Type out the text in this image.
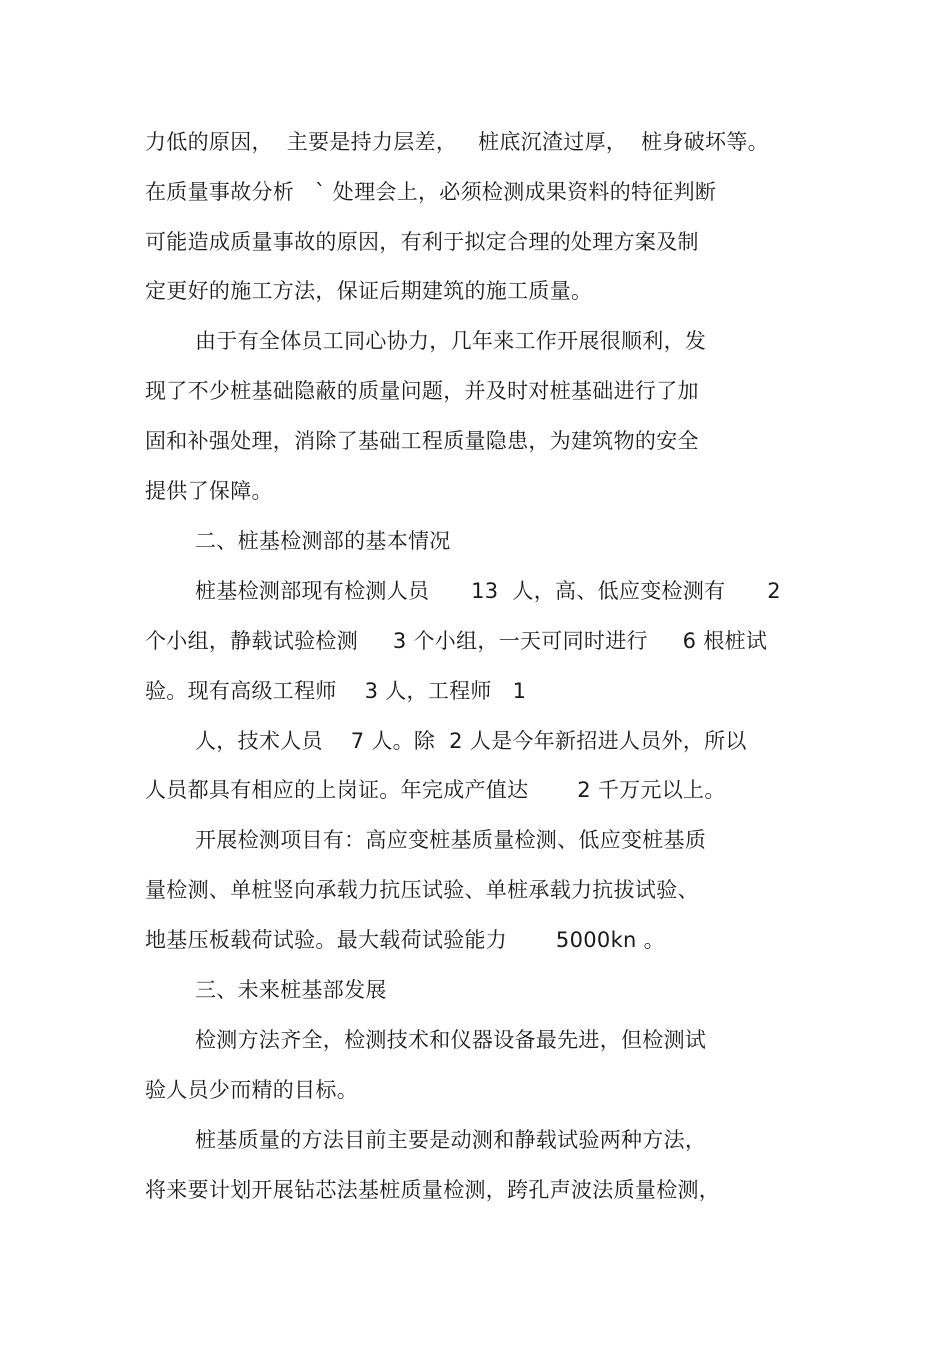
力低的原因，  主要是持力层差，   桩底沉渣过厚，  桩身破坏等。
在质量事故分析   ` 处理会上，必须检测成果资料的特征判断
可能造成质量事故的原因，有利于拟定合理的处理方案及制
定更好的施工方法，保证后期建筑的施工质量。
由于有全体员工同心协力，几年来工作开展很顺利，发
现了不少桩基础隐蔽的质量问题，并及时对桩基础进行了加
固和补强处理，消除了基础工程质量隐患，为建筑物的安全
提供了保障。
二、桩基检测部的基本情况
桩基检测部现有检测人员      13  人，高、低应变检测有      2
个小组，静载试验检测     3 个小组，一天可同时进行     6 根桩试
验。现有高级工程师    3 人，工程师   1
人，技术人员    7 人。除  2 人是今年新招进人员外，所以
人员都具有相应的上岗证。年完成产值达       2 千万元以上。
开展检测项目有：高应变桩基质量检测、低应变桩基质
量检测、单桩竖向承载力抗压试验、单桩承载力抗拔试验、
地基压板载荷试验。最大载荷试验能力       5000kn 。
三、未来桩基部发展
检测方法齐全，检测技术和仪器设备最先进，但检测试
验人员少而精的目标。
桩基质量的方法目前主要是动测和静载试验两种方法，
将来要计划开展钻芯法基桩质量检测，跨孔声波法质量检测，
